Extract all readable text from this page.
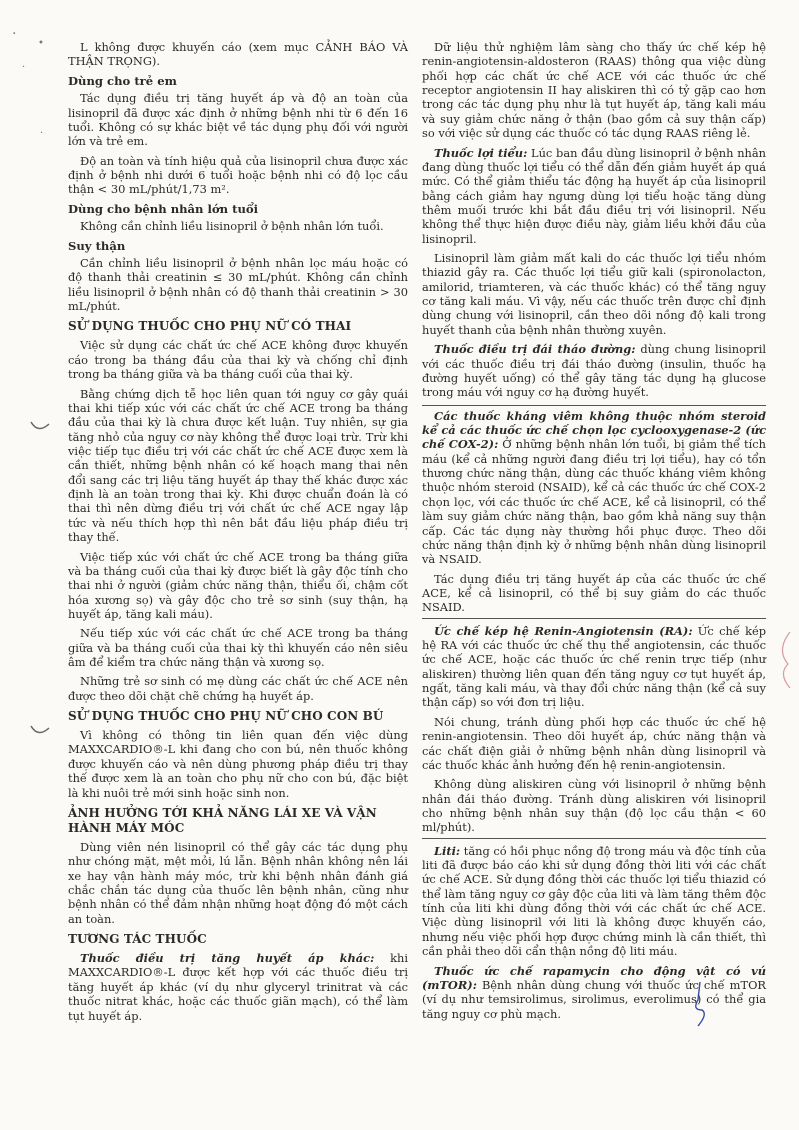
.
•
·
·

L không được khuyến cáo (xem mục CẢNH BÁO VÀ THẬN TRỌNG).

Dùng cho trẻ em

Tác dụng điều trị tăng huyết áp và độ an toàn của lisinopril đã được xác định ở những bệnh nhi từ 6 đến 16 tuổi. Không có sự khác biệt về tác dụng phụ đối với người lớn và trẻ em.

Độ an toàn và tính hiệu quả của lisinopril chưa được xác định ở bệnh nhi dưới 6 tuổi hoặc bệnh nhi có độ lọc cầu thận < 30 mL/phút/1,73 m².

Dùng cho bệnh nhân lớn tuổi

Không cần chỉnh liều lisinopril ở bệnh nhân lớn tuổi.

Suy thận

Cần chỉnh liều lisinopril ở bệnh nhân lọc máu hoặc có độ thanh thải creatinin ≤ 30 mL/phút. Không cần chỉnh liều lisinopril ở bệnh nhân có độ thanh thải creatinin > 30 mL/phút.

SỬ DỤNG THUỐC CHO PHỤ NỮ CÓ THAI

Việc sử dụng các chất ức chế ACE không được khuyến cáo trong ba tháng đầu của thai kỳ và chống chỉ định trong ba tháng giữa và ba tháng cuối của thai kỳ.

Bằng chứng dịch tễ học liên quan tới nguy cơ gây quái thai khi tiếp xúc với các chất ức chế ACE trong ba tháng đầu của thai kỳ là chưa được kết luận. Tuy nhiên, sự gia tăng nhỏ của nguy cơ này không thể được loại trừ. Trừ khi việc tiếp tục điều trị với các chất ức chế ACE được xem là cần thiết, những bệnh nhân có kế hoạch mang thai nên đổi sang các trị liệu tăng huyết áp thay thế khác được xác định là an toàn trong thai kỳ. Khi được chuẩn đoán là có thai thì nên dừng điều trị với chất ức chế ACE ngay lập tức và nếu thích hợp thì nên bắt đầu liệu pháp điều trị thay thế.

Việc tiếp xúc với chất ức chế ACE trong ba tháng giữa và ba tháng cuối của thai kỳ được biết là gây độc tính cho thai nhi ở người (giảm chức năng thận, thiểu ối, chậm cốt hóa xương sọ) và gây độc cho trẻ sơ sinh (suy thận, hạ huyết áp, tăng kali máu).

Nếu tiếp xúc với các chất ức chế ACE trong ba tháng giữa và ba tháng cuối của thai kỳ thì khuyến cáo nên siêu âm để kiểm tra chức năng thận và xương sọ.

Những trẻ sơ sinh có mẹ dùng các chất ức chế ACE nên được theo dõi chặt chẽ chứng hạ huyết áp.

SỬ DỤNG THUỐC CHO PHỤ NỮ CHO CON BÚ

Vì không có thông tin liên quan đến việc dùng MAXXCARDIO®-L khi đang cho con bú, nên thuốc không được khuyến cáo và nên dùng phương pháp điều trị thay thế được xem là an toàn cho phụ nữ cho con bú, đặc biệt là khi nuôi trẻ mới sinh hoặc sinh non.

ẢNH HƯỞNG TỚI KHẢ NĂNG LÁI XE VÀ VẬN HÀNH MÁY MÓC

Dùng viên nén lisinopril có thể gây các tác dụng phụ như chóng mặt, mệt mỏi, lú lẫn. Bệnh nhân không nên lái xe hay vận hành máy móc, trừ khi bệnh nhân đánh giá chắc chắn tác dụng của thuốc lên bệnh nhân, cũng như bệnh nhân có thể đảm nhận những hoạt động đó một cách an toàn.

TƯƠNG TÁC THUỐC

Thuốc điều trị tăng huyết áp khác: khi MAXXCARDIO®-L được kết hợp với các thuốc điều trị tăng huyết áp khác (ví dụ như glyceryl trinitrat và các thuốc nitrat khác, hoặc các thuốc giãn mạch), có thể làm tụt huyết áp.

Dữ liệu thử nghiệm lâm sàng cho thấy ức chế kép hệ renin-angiotensin-aldosteron (RAAS) thông qua việc dùng phối hợp các chất ức chế ACE với các thuốc ức chế receptor angiotensin II hay aliskiren thì có tỷ gặp cao hơn trong các tác dụng phụ như là tụt huyết áp, tăng kali máu và suy giảm chức năng ở thận (bao gồm cả suy thận cấp) so với việc sử dụng các thuốc có tác dụng RAAS riêng lẻ.

Thuốc lợi tiểu: Lúc ban đầu dùng lisinopril ở bệnh nhân đang dùng thuốc lợi tiểu có thể dẫn đến giảm huyết áp quá mức. Có thể giảm thiểu tác động hạ huyết áp của lisinopril bằng cách giảm hay ngưng dùng lợi tiểu hoặc tăng dùng thêm muối trước khi bắt đầu điều trị với lisinopril. Nếu không thể thực hiện được điều này, giảm liều khởi đầu của lisinopril.

Lisinopril làm giảm mất kali do các thuốc lợi tiểu nhóm thiazid gây ra. Các thuốc lợi tiểu giữ kali (spironolacton, amilorid, triamteren, và các thuốc khác) có thể tăng nguy cơ tăng kali máu. Vì vậy, nếu các thuốc trên được chỉ định dùng chung với lisinopril, cần theo dõi nồng độ kali trong huyết thanh của bệnh nhân thường xuyên.

Thuốc điều trị đái tháo đường: dùng chung lisinopril với các thuốc điều trị đái tháo đường (insulin, thuốc hạ đường huyết uống) có thể gây tăng tác dụng hạ glucose trong máu với nguy cơ hạ đường huyết.

Các thuốc kháng viêm không thuộc nhóm steroid kể cả các thuốc ức chế chọn lọc cyclooxygenase-2 (ức chế COX-2): Ở những bệnh nhân lớn tuổi, bị giảm thể tích máu (kể cả những người đang điều trị lợi tiểu), hay có tổn thương chức năng thận, dùng các thuốc kháng viêm không thuộc nhóm steroid (NSAID), kể cả các thuốc ức chế COX-2 chọn lọc, với các thuốc ức chế ACE, kể cả lisinopril, có thể làm suy giảm chức năng thận, bao gồm khả năng suy thận cấp. Các tác dụng này thường hồi phục được. Theo dõi chức năng thận định kỳ ở những bệnh nhân dùng lisinopril và NSAID.

Tác dụng điều trị tăng huyết áp của các thuốc ức chế ACE, kể cả lisinopril, có thể bị suy giảm do các thuốc NSAID.

Ức chế kép hệ Renin-Angiotensin (RA): Ức chế kép hệ RA với các thuốc ức chế thụ thể angiotensin, các thuốc ức chế ACE, hoặc các thuốc ức chế renin trực tiếp (như aliskiren) thường liên quan đến tăng nguy cơ tụt huyết áp, ngất, tăng kali máu, và thay đổi chức năng thận (kể cả suy thận cấp) so với đơn trị liệu.

Nói chung, tránh dùng phối hợp các thuốc ức chế hệ renin-angiotensin. Theo dõi huyết áp, chức năng thận và các chất điện giải ở những bệnh nhân dùng lisinopril và các thuốc khác ảnh hưởng đến hệ renin-angiotensin.

Không dùng aliskiren cùng với lisinopril ở những bệnh nhân đái tháo đường. Tránh dùng aliskiren với lisinopril cho những bệnh nhân suy thận (độ lọc cầu thận < 60 ml/phút).

Liti: tăng có hồi phục nồng độ trong máu và độc tính của liti đã được báo cáo khi sử dụng đồng thời liti với các chất ức chế ACE. Sử dụng đồng thời các thuốc lợi tiểu thiazid có thể làm tăng nguy cơ gây độc của liti và làm tăng thêm độc tính của liti khi dùng đồng thời với các chất ức chế ACE. Việc dùng lisinopril với liti là không được khuyến cáo, nhưng nếu việc phối hợp được chứng minh là cần thiết, thì cần phải theo dõi cẩn thận nồng độ liti máu.

Thuốc ức chế rapamycin cho động vật có vú (mTOR): Bệnh nhân dùng chung với thuốc ức chế mTOR (ví dụ như temsirolimus, sirolimus, everolimus) có thể gia tăng nguy cơ phù mạch.
